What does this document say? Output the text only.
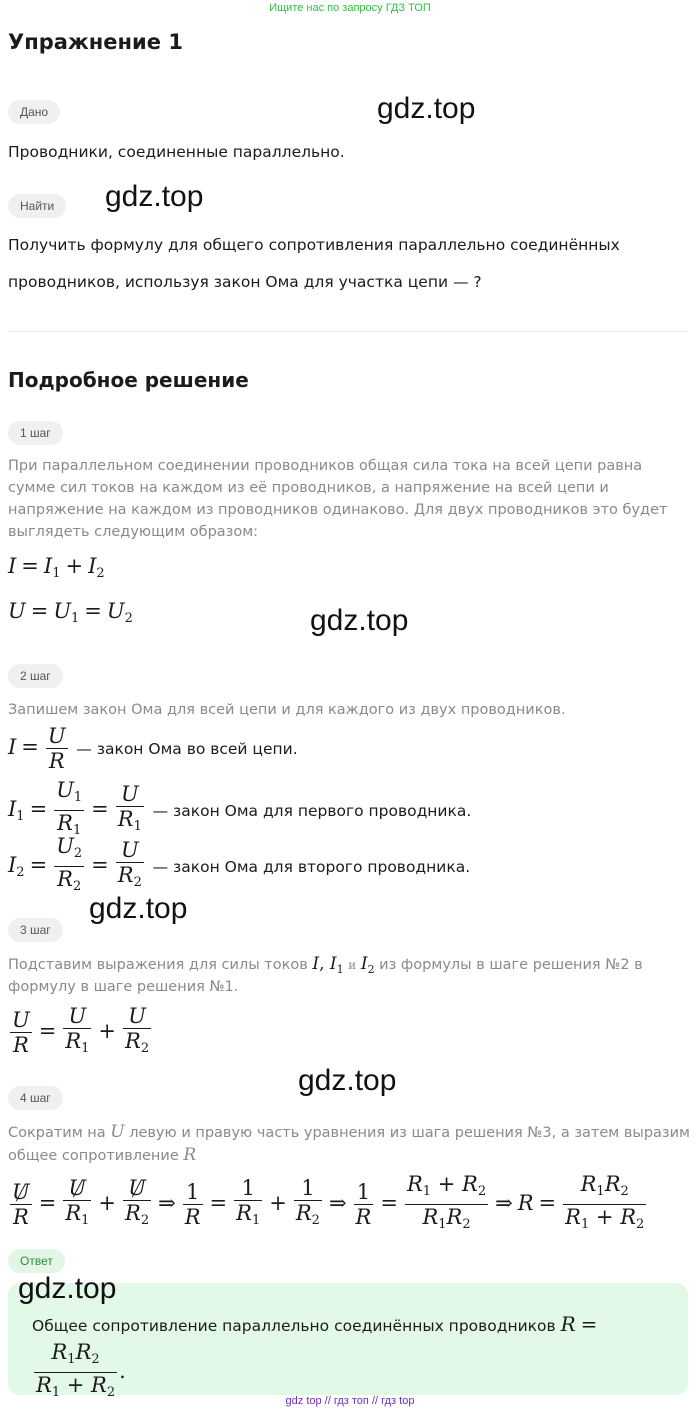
Ищите нас по запросу ГДЗ ТОП
Упражнение 1
Дано	gdz.top
Проводники, соединенные параллельно.
Найти	gdz.top
Получить формулу для общего сопротивления параллельно соединённых
проводников, используя закон Ома для участка цепи — ?
Подробное решение
1 шаг
При параллельном соединении проводников общая сила тока на всей цепи равна сумме сил токов на каждом из её проводников, а напряжение на всей цепи и напряжение на каждом из проводников одинаково. Для двух проводников это будет выглядеть следующим образом:
$I = I_1 + I_2$
$U = U_1 = U_2$	gdz.top
2 шаг
Запишем закон Ома для всей цепи и для каждого из двух проводников.
$I = \frac{U}{R}$ — закон Ома во всей цепи.
$I_1 = \frac{U_1}{R_1} = \frac{U}{R_1}$ — закон Ома для первого проводника.
$I_2 = \frac{U_2}{R_2} = \frac{U}{R_2}$ — закон Ома для второго проводника.
gdz.top
3 шаг
Подставим выражения для силы токов I, $I_1$ и $I_2$ из формулы в шаге решения №2 в
формулу в шаге решения №1.
$\frac{U}{R} = \frac{U}{R_1} + \frac{U}{R_2}$
gdz.top
4 шаг
Сократим на U левую и правую часть уравнения из шага решения №3, а затем выразим
общее сопротивление R
$\frac{U}{R} = \frac{U}{R_1} + \frac{U}{R_2}$ ⇒ $\frac{1}{R} = \frac{1}{R_1} + \frac{1}{R_2}$ ⇒ $\frac{1}{R} = \frac{R_1 + R_2}{R_1R_2}$ ⇒ $R = \frac{R_1R_2}{R_1 + R_2}$
Ответ
gdz.top
Общее сопротивление параллельно соединённых проводников R =
$\frac{R_1R_2}{R_1 + R_2}$ .
gdz top // гдз топ // гдз top
